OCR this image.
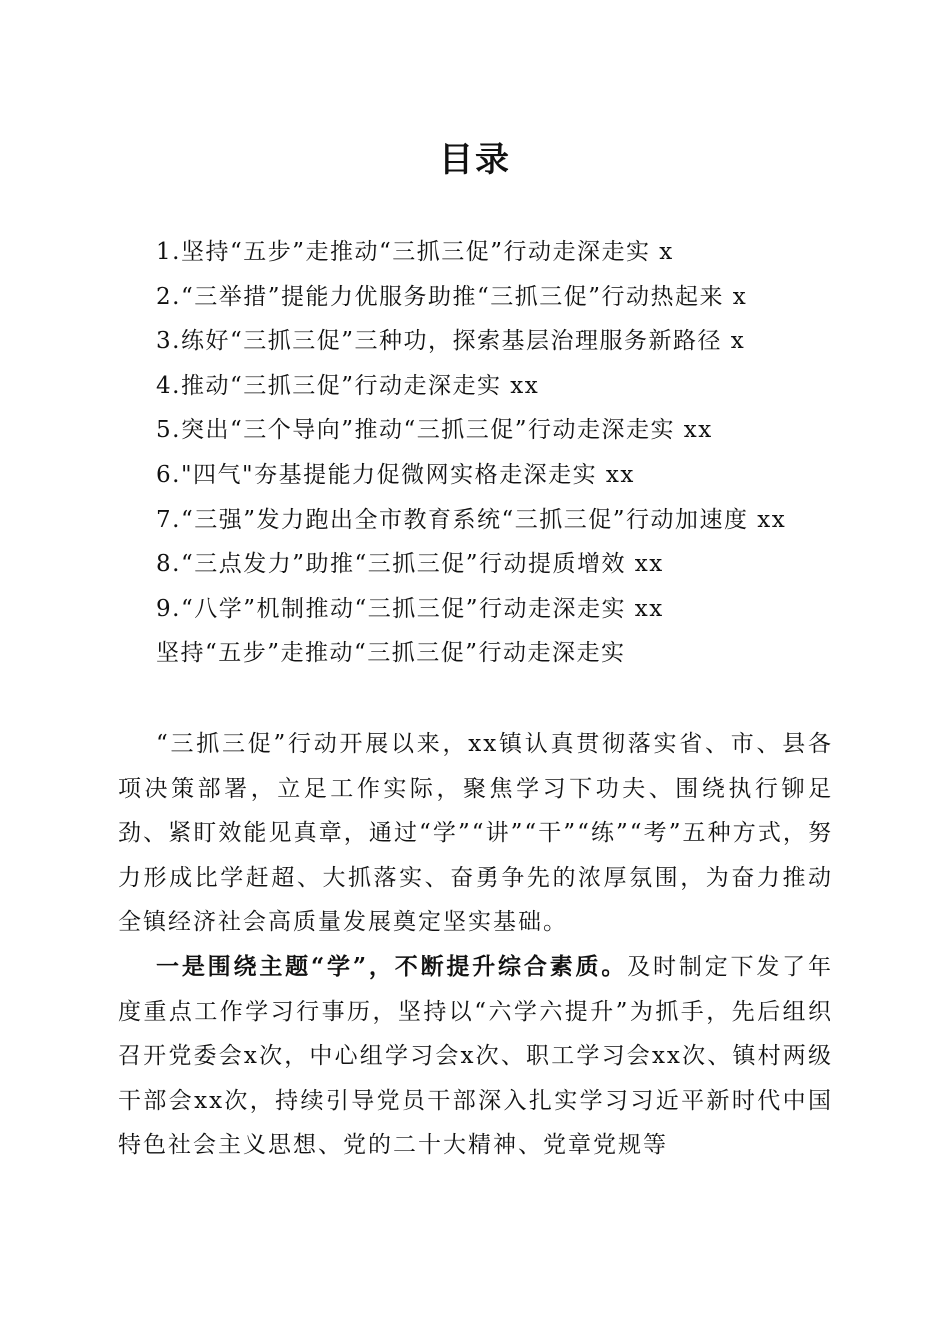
目录
1.坚持“五步”走推动“三抓三促”行动走深走实 x
2.“三举措”提能力优服务助推“三抓三促”行动热起来 x
3.练好“三抓三促”三种功，探索基层治理服务新路径 x
4.推动“三抓三促”行动走深走实 xx
5.突出“三个导向”推动“三抓三促”行动走深走实 xx
6."四气"夯基提能力促微网实格走深走实 xx
7.“三强”发力跑出全市教育系统“三抓三促”行动加速度 xx
8.“三点发力”助推“三抓三促”行动提质增效 xx
9.“八学”机制推动“三抓三促”行动走深走实 xx
坚持“五步”走推动“三抓三促”行动走深走实

“三抓三促”行动开展以来，xx镇认真贯彻落实省、市、县各项决策部署，立足工作实际，聚焦学习下功夫、围绕执行铆足劲、紧盯效能见真章，通过“学”“讲”“干”“练”“考”五种方式，努力形成比学赶超、大抓落实、奋勇争先的浓厚氛围，为奋力推动全镇经济社会高质量发展奠定坚实基础。

一是围绕主题“学”，不断提升综合素质。及时制定下发了年度重点工作学习行事历，坚持以“六学六提升”为抓手，先后组织召开党委会x次，中心组学习会x次、职工学习会xx次、镇村两级干部会xx次，持续引导党员干部深入扎实学习习近平新时代中国特色社会主义思想、党的二十大精神、党章党规等
